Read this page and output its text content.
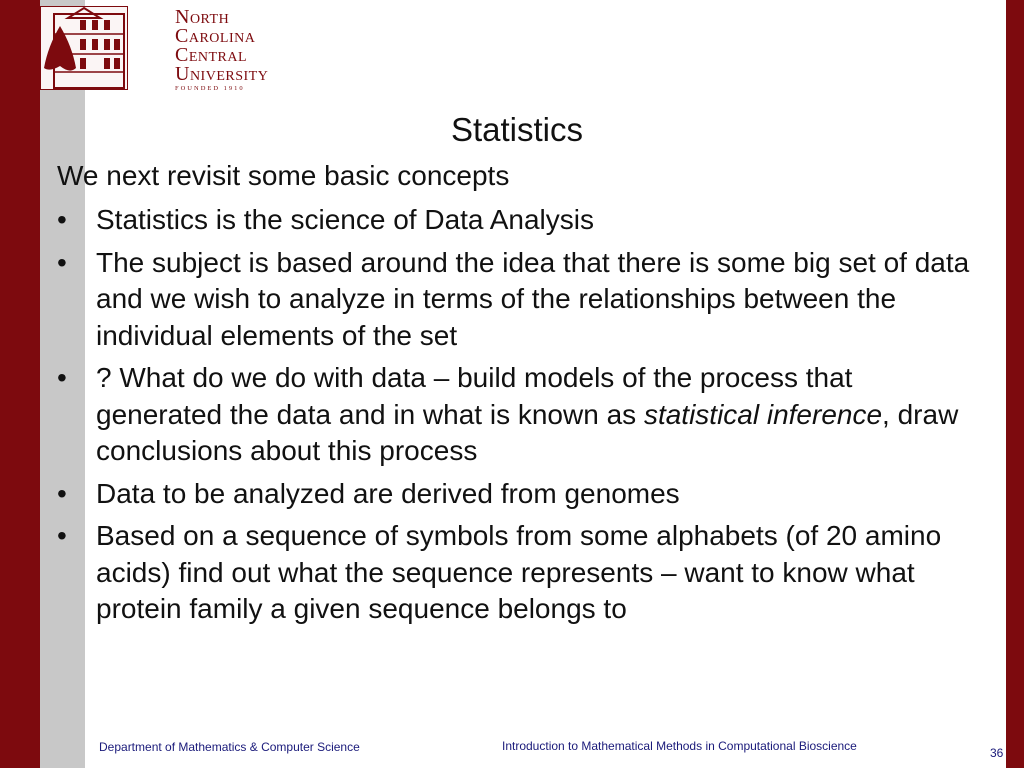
North
Carolina
Central
University
FOUNDED 1910
Statistics

We next revisit some basic concepts

• Statistics is the science of Data Analysis
• The subject is based around the idea that there is some big set of data and we wish to analyze in terms of the relationships between the individual elements of the set
• ? What do we do with data – build models of the process that generated the data and in what is known as statistical inference, draw conclusions about this process
• Data to be analyzed are derived from genomes
• Based on a sequence of symbols from some alphabets (of 20 amino acids) find out what the sequence represents – want to know what protein family a given sequence belongs to
Department of Mathematics & Computer Science	Introduction to Mathematical Methods in Computational Bioscience	36
